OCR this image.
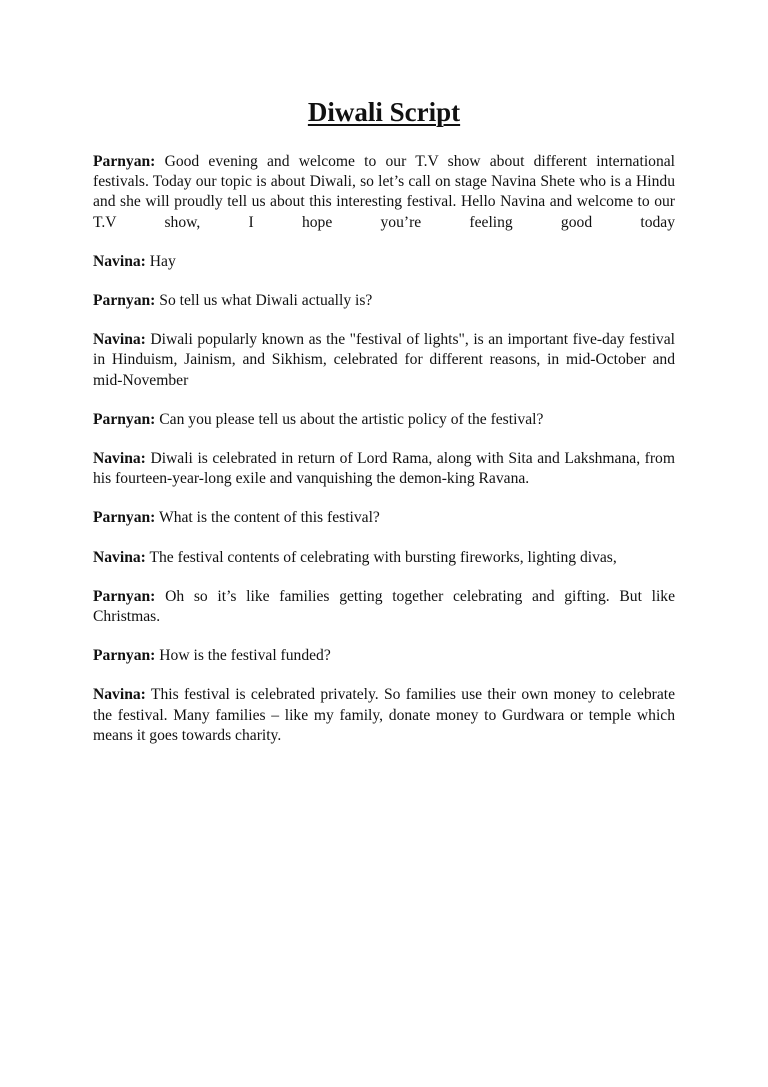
Diwali Script

Parnyan: Good evening and welcome to our T.V show about different international festivals. Today our topic is about Diwali, so let’s call on stage Navina Shete who is a Hindu and she will proudly tell us about this interesting festival. Hello Navina and welcome to our T.V show, I hope you’re feeling good today

Navina: Hay

Parnyan: So tell us what Diwali actually is?

Navina: Diwali popularly known as the "festival of lights", is an important five-day festival in Hinduism, Jainism, and Sikhism, celebrated for different reasons, in mid-October and mid-November

Parnyan: Can you please tell us about the artistic policy of the festival?

Navina: Diwali is celebrated in return of Lord Rama, along with Sita and Lakshmana, from his fourteen-year-long exile and vanquishing the demon-king Ravana.

Parnyan: What is the content of this festival?

Navina: The festival contents of celebrating with bursting fireworks, lighting divas,

Parnyan: Oh so it’s like families getting together celebrating and gifting. But like Christmas.

Parnyan: How is the festival funded?

Navina: This festival is celebrated privately. So families use their own money to celebrate the festival. Many families – like my family, donate money to Gurdwara or temple which means it goes towards charity.
